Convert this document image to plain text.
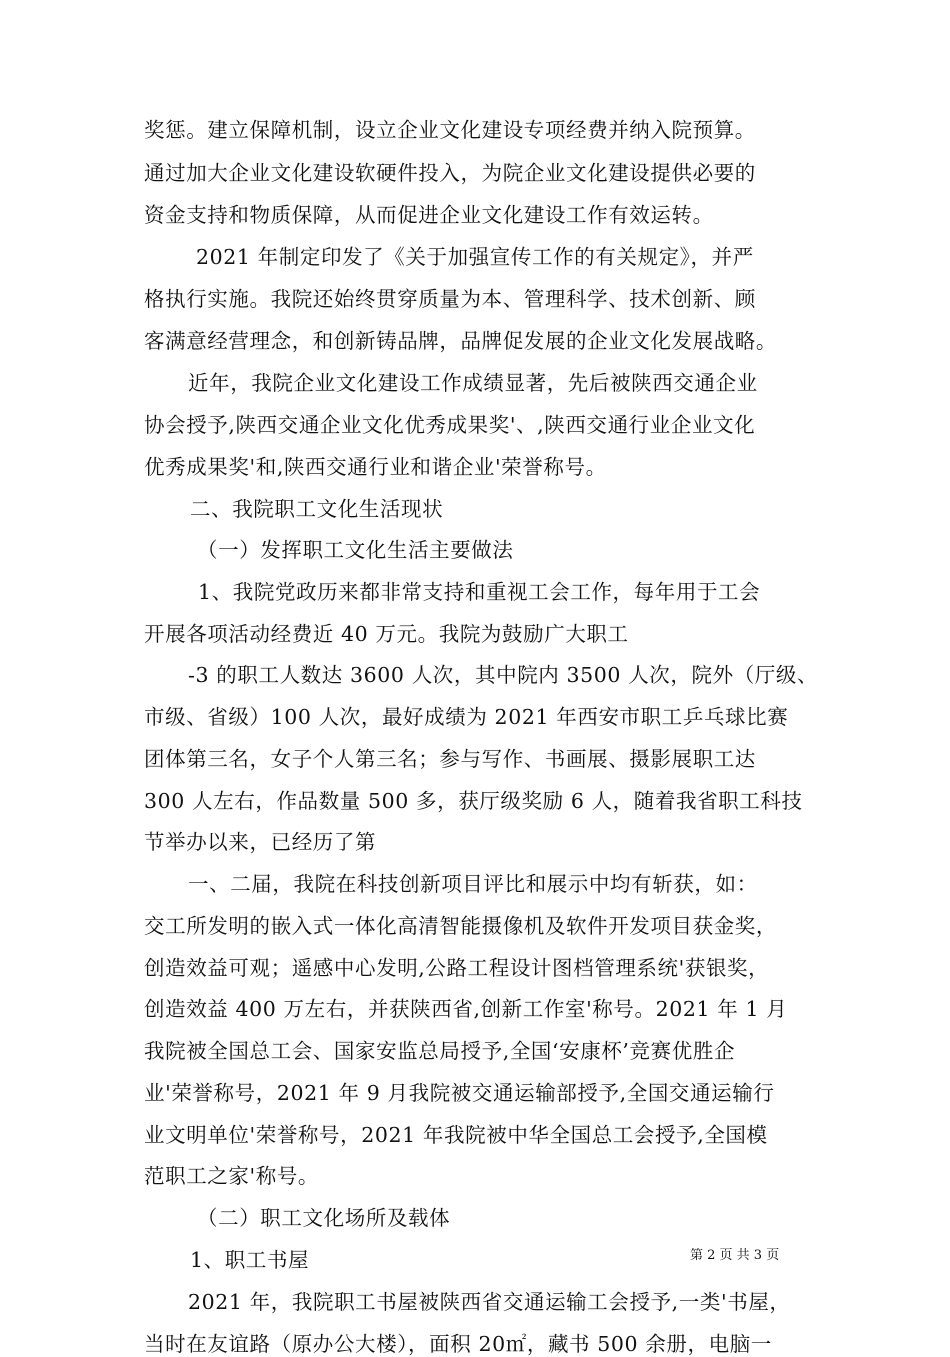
奖惩。建立保障机制，设立企业文化建设专项经费并纳入院预算。
通过加大企业文化建设软硬件投入，为院企业文化建设提供必要的
资金支持和物质保障，从而促进企业文化建设工作有效运转。
2021 年制定印发了《关于加强宣传工作的有关规定》，并严
格执行实施。我院还始终贯穿质量为本、管理科学、技术创新、顾
客满意经营理念，和创新铸品牌，品牌促发展的企业文化发展战略。
近年，我院企业文化建设工作成绩显著，先后被陕西交通企业
协会授予,陕西交通企业文化优秀成果奖'、,陕西交通行业企业文化
优秀成果奖'和,陕西交通行业和谐企业'荣誉称号。
二、我院职工文化生活现状
（一）发挥职工文化生活主要做法
1、我院党政历来都非常支持和重视工会工作，每年用于工会
开展各项活动经费近 40 万元。我院为鼓励广大职工
-3 的职工人数达 3600 人次，其中院内 3500 人次，院外（厅级、
市级、省级）100 人次，最好成绩为 2021 年西安市职工乒乓球比赛
团体第三名，女子个人第三名；参与写作、书画展、摄影展职工达
300 人左右，作品数量 500 多，获厅级奖励 6 人，随着我省职工科技
节举办以来，已经历了第
一、二届，我院在科技创新项目评比和展示中均有斩获，如：
交工所发明的嵌入式一体化高清智能摄像机及软件开发项目获金奖，
创造效益可观；遥感中心发明,公路工程设计图档管理系统'获银奖，
创造效益 400 万左右，并获陕西省,创新工作室'称号。2021 年 1 月
我院被全国总工会、国家安监总局授予,全国‘安康杯’竞赛优胜企
业'荣誉称号，2021 年 9 月我院被交通运输部授予,全国交通运输行
业文明单位'荣誉称号，2021 年我院被中华全国总工会授予,全国模
范职工之家'称号。
（二）职工文化场所及载体
1、职工书屋
2021 年，我院职工书屋被陕西省交通运输工会授予,一类'书屋，
当时在友谊路（原办公大楼），面积 20㎡，藏书 500 余册，电脑一
第 2 页 共 3 页
